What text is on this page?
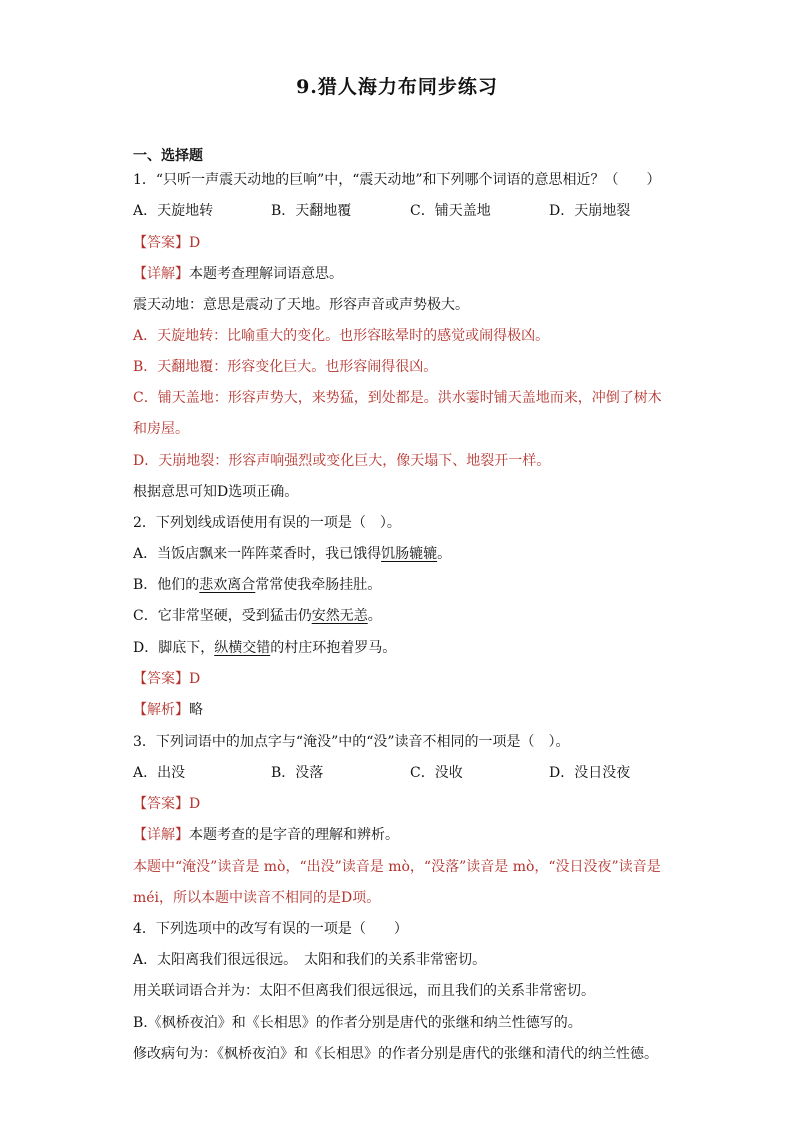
9.猎人海力布同步练习
一、选择题
1．“只听一声震天动地的巨响”中，“震天动地”和下列哪个词语的意思相近？（　　）
A．天旋地转	B．天翻地覆	C．铺天盖地	D．天崩地裂
【答案】D
【详解】本题考查理解词语意思。
震天动地：意思是震动了天地。形容声音或声势极大。
A．天旋地转：比喻重大的变化。也形容眩晕时的感觉或闹得极凶。
B．天翻地覆：形容变化巨大。也形容闹得很凶。
C．铺天盖地：形容声势大，来势猛，到处都是。洪水霎时铺天盖地而来，冲倒了树木
和房屋。
D．天崩地裂：形容声响强烈或变化巨大，像天塌下、地裂开一样。
根据意思可知D选项正确。
2．下列划线成语使用有误的一项是（　）。
A．当饭店飘来一阵阵菜香时，我已饿得饥肠辘辘。
B．他们的悲欢离合常常使我牵肠挂肚。
C．它非常坚硬，受到猛击仍安然无恙。
D．脚底下，纵横交错的村庄环抱着罗马。
【答案】D
【解析】略
3．下列词语中的加点字与“淹没”中的“没”读音不相同的一项是（　）。
A．出没	B．没落	C．没收	D．没日没夜
【答案】D
【详解】本题考查的是字音的理解和辨析。
本题中“淹没”读音是 mò，“出没”读音是 mò，“没落”读音是 mò，“没日没夜”读音是
méi，所以本题中读音不相同的是D项。
4．下列选项中的改写有误的一项是（　　）
A．太阳离我们很远很远。　太阳和我们的关系非常密切。
用关联词语合并为：太阳不但离我们很远很远，而且我们的关系非常密切。
B.《枫桥夜泊》和《长相思》的作者分别是唐代的张继和纳兰性德写的。
修改病句为：《枫桥夜泊》和《长相思》的作者分别是唐代的张继和清代的纳兰性德。
